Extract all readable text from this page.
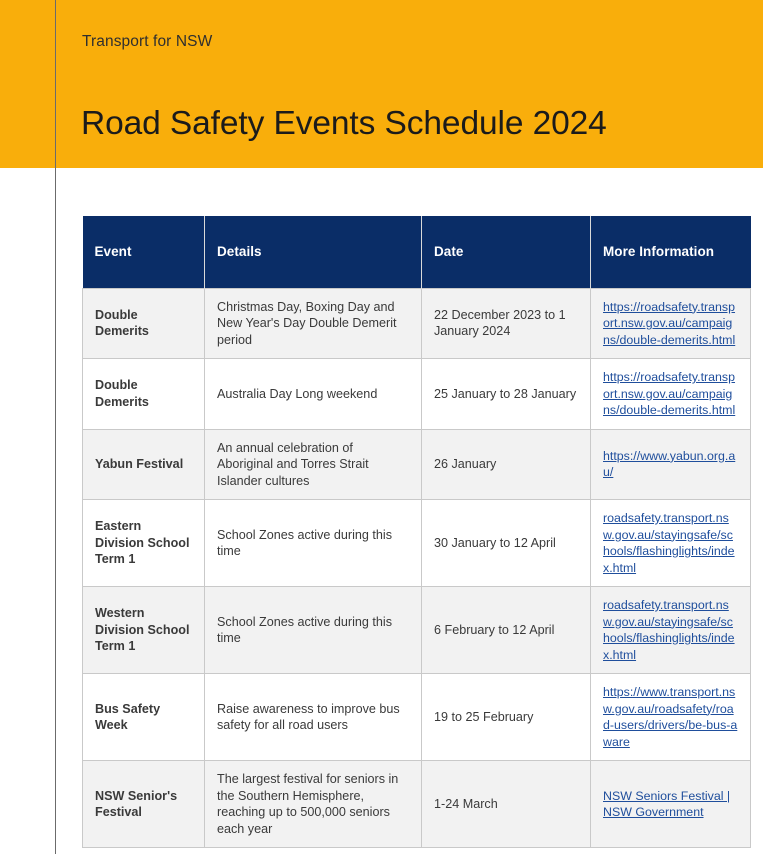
Transport for NSW
Road Safety Events Schedule 2024
Event	Details	Date	More Information
Double Demerits	Christmas Day, Boxing Day and New Year's Day Double Demerit period	22 December 2023 to 1 January 2024	https://roadsafety.transport.nsw.gov.au/campaigns/double-demerits.html
Double Demerits	Australia Day Long weekend	25 January to 28 January	https://roadsafety.transport.nsw.gov.au/campaigns/double-demerits.html
Yabun Festival	An annual celebration of Aboriginal and Torres Strait Islander cultures	26 January	https://www.yabun.org.au/
Eastern Division School Term 1	School Zones active during this time	30 January to 12 April	roadsafety.transport.nsw.gov.au/stayingsafe/schools/flashinglights/index.html
Western Division School Term 1	School Zones active during this time	6 February to 12 April	roadsafety.transport.nsw.gov.au/stayingsafe/schools/flashinglights/index.html
Bus Safety Week	Raise awareness to improve bus safety for all road users	19 to 25 February	https://www.transport.nsw.gov.au/roadsafety/road-users/drivers/be-bus-aware
NSW Senior's Festival	The largest festival for seniors in the Southern Hemisphere, reaching up to 500,000 seniors each year	1-24 March	NSW Seniors Festival | NSW Government
